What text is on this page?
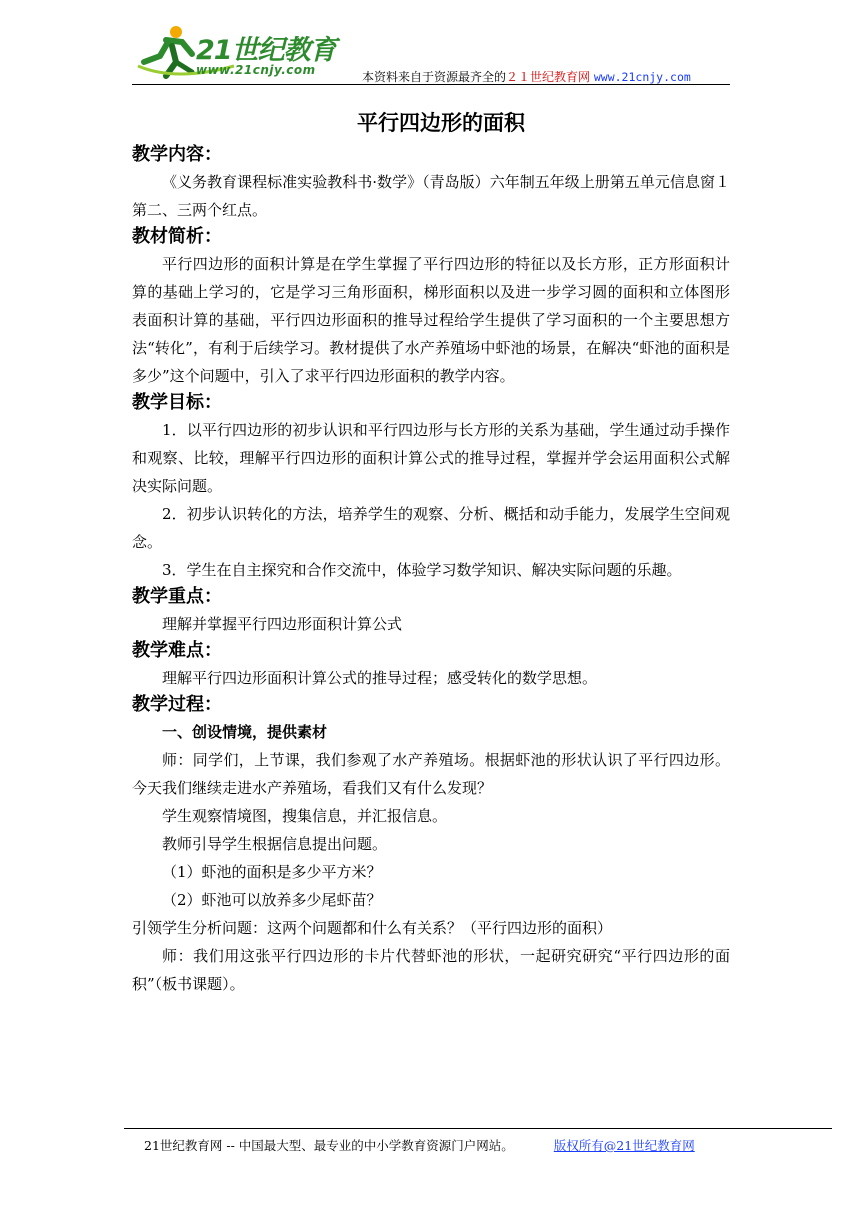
21世纪教育
www.21cnjy.com	本资料来自于资源最齐全的２１世纪教育网 www.21cnjy.com
平行四边形的面积
教学内容：

《义务教育课程标准实验教科书·数学》（青岛版）六年制五年级上册第五单元信息窗１第二、三两个红点。

教材简析：

平行四边形的面积计算是在学生掌握了平行四边形的特征以及长方形，正方形面积计算的基础上学习的，它是学习三角形面积，梯形面积以及进一步学习圆的面积和立体图形表面积计算的基础，平行四边形面积的推导过程给学生提供了学习面积的一个主要思想方法“转化”，有利于后续学习。教材提供了水产养殖场中虾池的场景，在解决“虾池的面积是多少”这个问题中，引入了求平行四边形面积的教学内容。

教学目标：

1．以平行四边形的初步认识和平行四边形与长方形的关系为基础，学生通过动手操作和观察、比较，理解平行四边形的面积计算公式的推导过程，掌握并学会运用面积公式解决实际问题。

2．初步认识转化的方法，培养学生的观察、分析、概括和动手能力，发展学生空间观念。

3．学生在自主探究和合作交流中，体验学习数学知识、解决实际问题的乐趣。

教学重点：

理解并掌握平行四边形面积计算公式

教学难点：

理解平行四边形面积计算公式的推导过程；感受转化的数学思想。

教学过程：

一、创设情境，提供素材

师：同学们，上节课，我们参观了水产养殖场。根据虾池的形状认识了平行四边形。今天我们继续走进水产养殖场，看我们又有什么发现？

学生观察情境图，搜集信息，并汇报信息。

教师引导学生根据信息提出问题。

（1）虾池的面积是多少平方米？

（2）虾池可以放养多少尾虾苗？

引领学生分析问题：这两个问题都和什么有关系？（平行四边形的面积）

师：我们用这张平行四边形的卡片代替虾池的形状，一起研究研究“平行四边形的面积”（板书课题）。

21世纪教育网 -- 中国最大型、最专业的中小学教育资源门户网站。	版权所有@21世纪教育网
